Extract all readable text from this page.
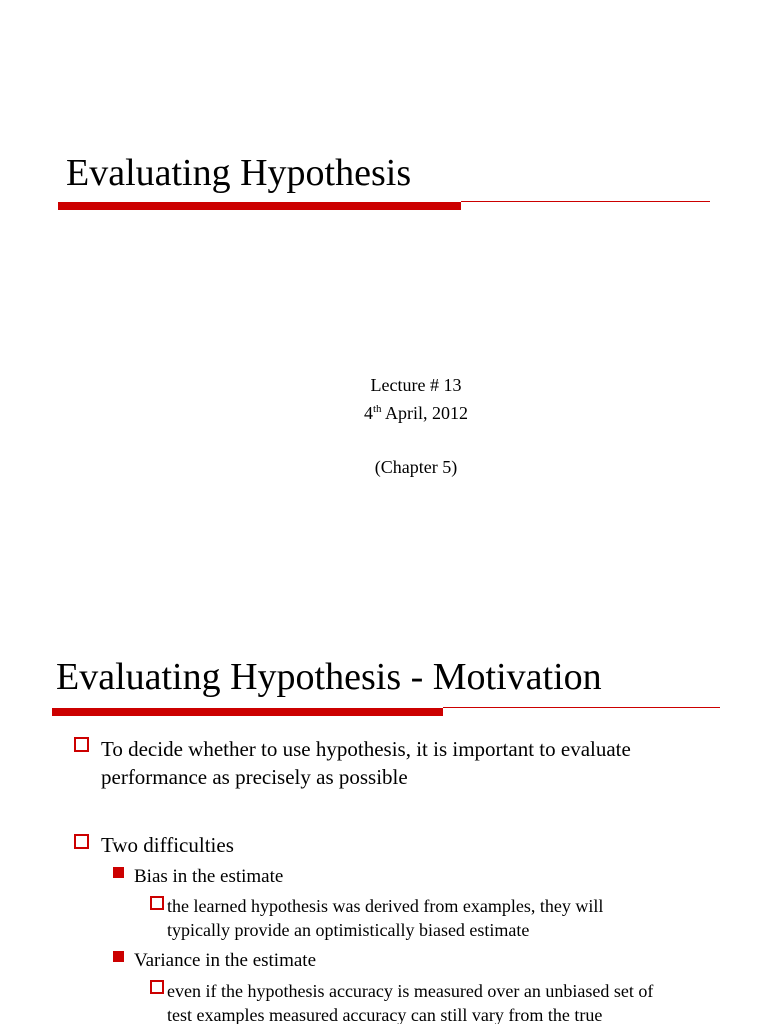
Evaluating Hypothesis
Lecture # 13
4th April, 2012
(Chapter 5)
Evaluating Hypothesis - Motivation
To decide whether to use hypothesis, it is important to evaluate
performance as precisely as possible
Two difficulties
Bias in the estimate
the learned hypothesis was derived from examples, they will
typically provide an optimistically biased estimate
Variance in the estimate
even if the hypothesis accuracy is measured over an unbiased set of
test examples measured accuracy can still vary from the true
